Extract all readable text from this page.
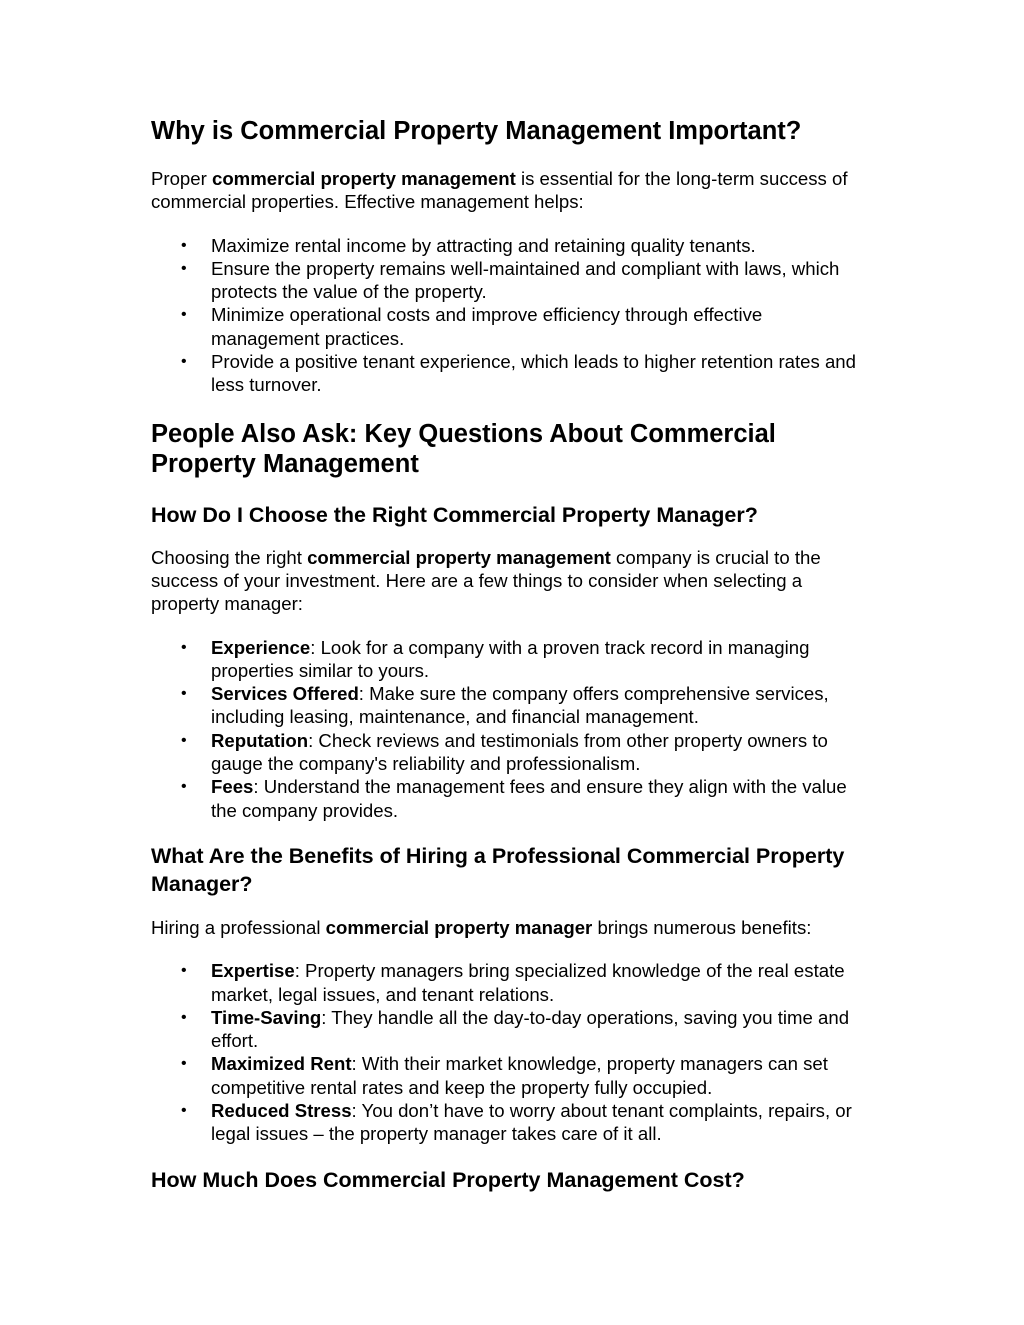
Why is Commercial Property Management Important?

Proper commercial property management is essential for the long-term success of commercial properties. Effective management helps:

• Maximize rental income by attracting and retaining quality tenants.
• Ensure the property remains well-maintained and compliant with laws, which protects the value of the property.
• Minimize operational costs and improve efficiency through effective management practices.
• Provide a positive tenant experience, which leads to higher retention rates and less turnover.
People Also Ask: Key Questions About Commercial Property Management
How Do I Choose the Right Commercial Property Manager?

Choosing the right commercial property management company is crucial to the success of your investment. Here are a few things to consider when selecting a property manager:

• Experience: Look for a company with a proven track record in managing properties similar to yours.
• Services Offered: Make sure the company offers comprehensive services, including leasing, maintenance, and financial management.
• Reputation: Check reviews and testimonials from other property owners to gauge the company's reliability and professionalism.
• Fees: Understand the management fees and ensure they align with the value the company provides.
What Are the Benefits of Hiring a Professional Commercial Property Manager?

Hiring a professional commercial property manager brings numerous benefits:

• Expertise: Property managers bring specialized knowledge of the real estate market, legal issues, and tenant relations.
• Time-Saving: They handle all the day-to-day operations, saving you time and effort.
• Maximized Rent: With their market knowledge, property managers can set competitive rental rates and keep the property fully occupied.
• Reduced Stress: You don’t have to worry about tenant complaints, repairs, or legal issues – the property manager takes care of it all.
How Much Does Commercial Property Management Cost?
